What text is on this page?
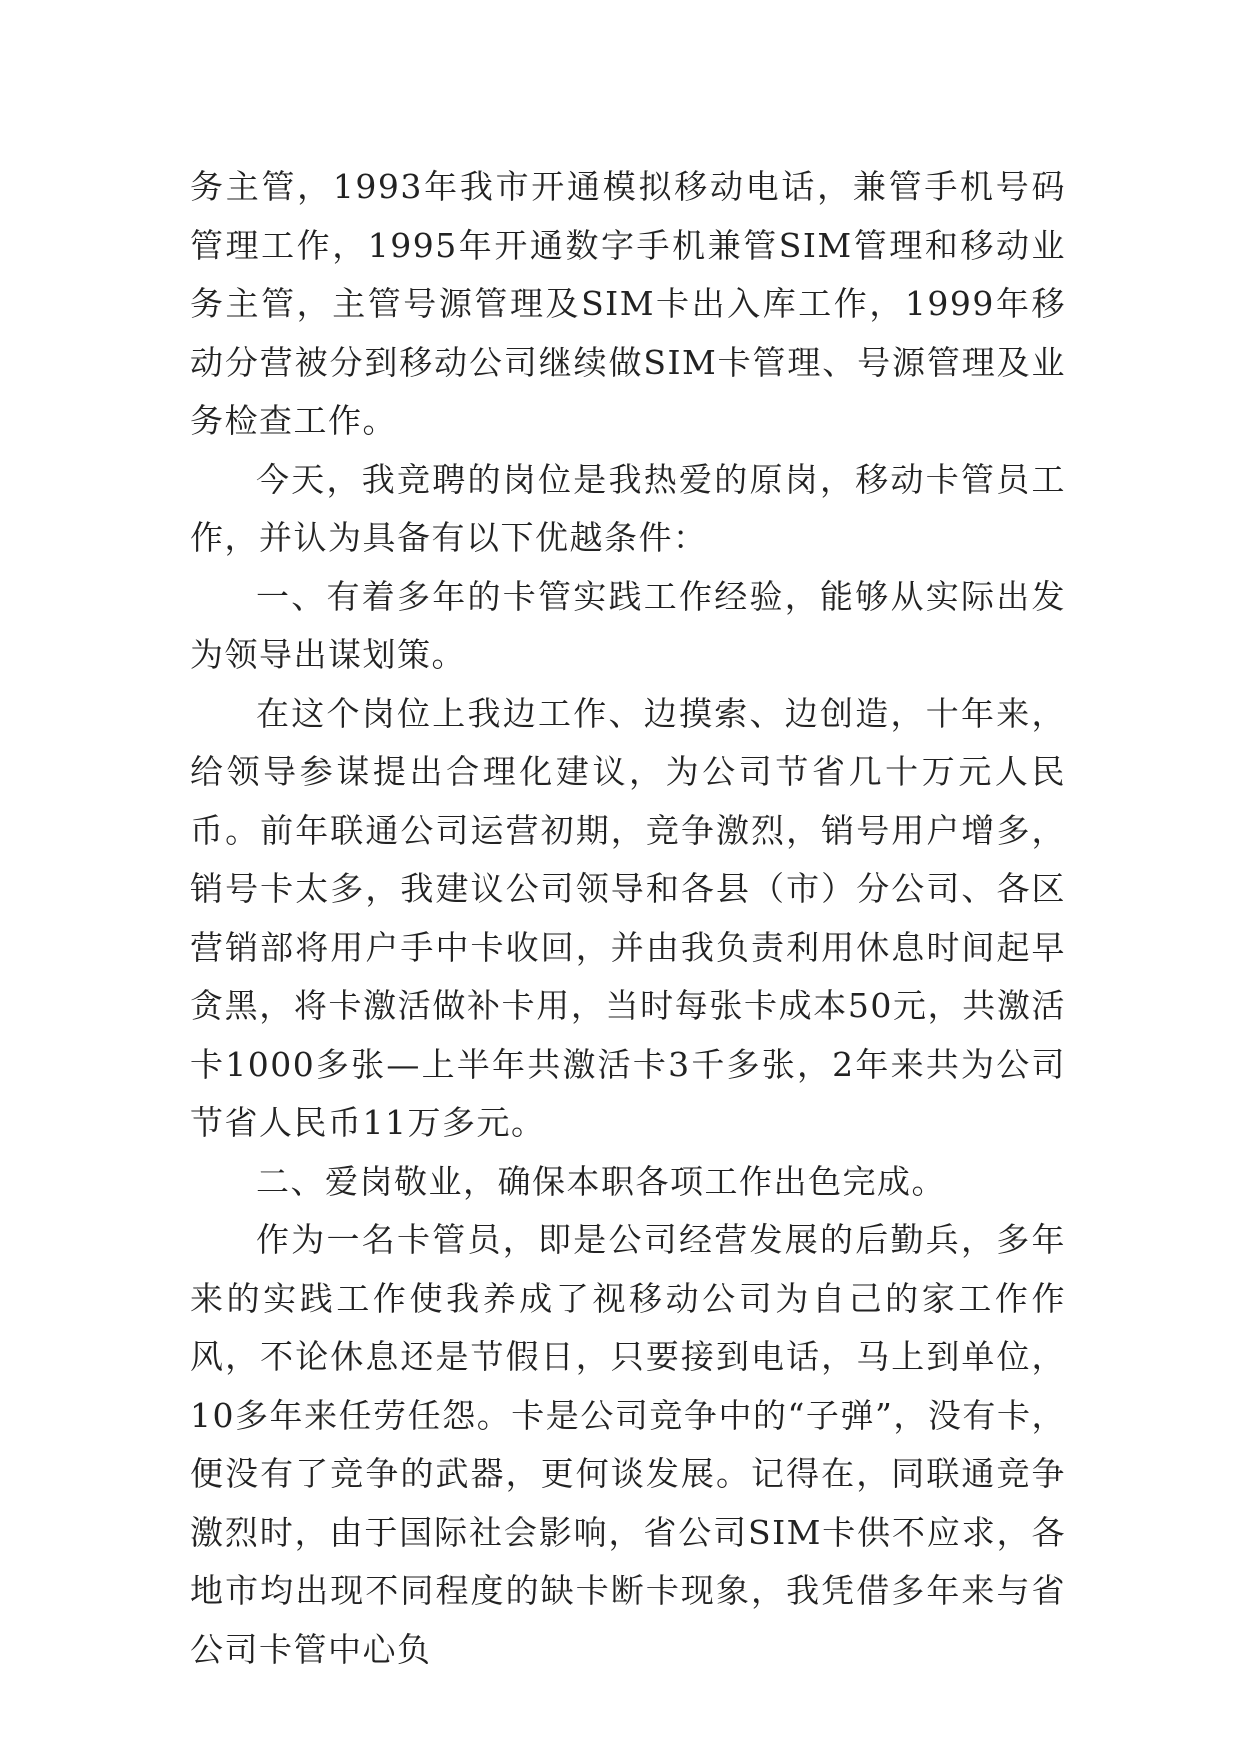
务主管，1993年我市开通模拟移动电话，兼管手机号码管理工作，1995年开通数字手机兼管SIM管理和移动业务主管，主管号源管理及SIM卡出入库工作，1999年移动分营被分到移动公司继续做SIM卡管理、号源管理及业务检查工作。

今天，我竞聘的岗位是我热爱的原岗，移动卡管员工作，并认为具备有以下优越条件：

一、有着多年的卡管实践工作经验，能够从实际出发为领导出谋划策。

在这个岗位上我边工作、边摸索、边创造，十年来，给领导参谋提出合理化建议，为公司节省几十万元人民币。前年联通公司运营初期，竞争激烈，销号用户增多，销号卡太多，我建议公司领导和各县（市）分公司、各区营销部将用户手中卡收回，并由我负责利用休息时间起早贪黑，将卡激活做补卡用，当时每张卡成本50元，共激活卡1000多张—上半年共激活卡3千多张，2年来共为公司节省人民币11万多元。

二、爱岗敬业，确保本职各项工作出色完成。

作为一名卡管员，即是公司经营发展的后勤兵，多年来的实践工作使我养成了视移动公司为自己的家工作作风，不论休息还是节假日，只要接到电话，马上到单位，10多年来任劳任怨。卡是公司竞争中的“子弹”，没有卡，便没有了竞争的武器，更何谈发展。记得在，同联通竞争激烈时，由于国际社会影响，省公司SIM卡供不应求，各地市均出现不同程度的缺卡断卡现象，我凭借多年来与省公司卡管中心负
